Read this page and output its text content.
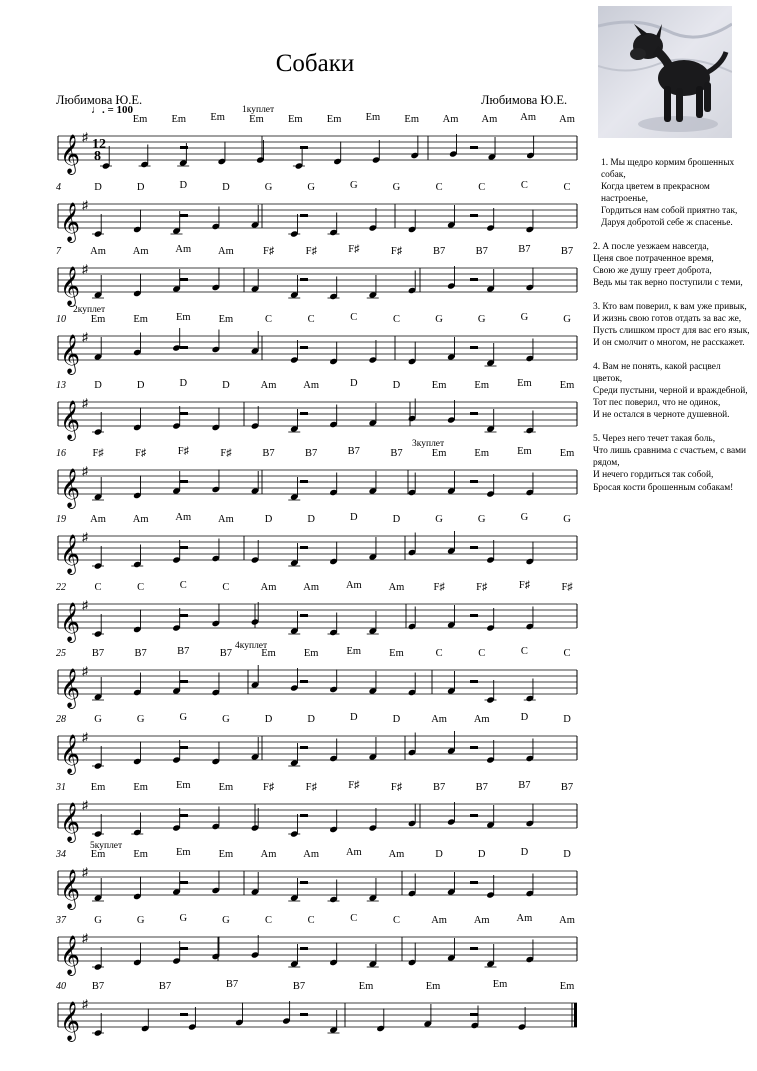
Собаки
Любимова Ю.Е.	Любимова Ю.Е.
♩. = 100
𝄞 ♯ 12
8
Em Em Em Em Em Em Em Em Am Am Am Am
1куплет
𝄞 ♯
4	D	D	D	D	G	G	G	G	C	C	C	C
𝄞 ♯
7	Am	Am	Am	Am	F♯	F♯	F♯	F♯	B7	B7	B7	B7
𝄞 ♯
10 Em	Em	Em	Em	C	C	C	C	G	G	G	G
2куплет
𝄞 ♯
13	D	D	D	D	Am	Am	D	D	Em	Em	Em	Em
3куплет
𝄞 ♯
16	F♯	F♯	F♯	F♯	B7	B7	B7	B7	Em	Em	Em	Em
𝄞 ♯
19 Am	Am	Am	Am	D	D	D	D	G	G	G	G
𝄞 ♯
22	C	C	C	C	Am	Am	Am	Am	F♯	F♯	F♯	F♯
4куплет
𝄞 ♯
25 B7	B7	B7	B7	Em	Em	Em	Em	C	C	C	C
𝄞 ♯
28	G	G	G	G	D	D	D	D	Am	Am	D	D
𝄞 ♯
31 Em	Em	Em	Em	F♯	F♯	F♯	F♯	B7	B7	B7	B7
5куплет
𝄞 ♯
34 Em	Em	Em	Em	Am	Am	Am	Am	D	D	D	D
𝄞 ♯
37	G	G	G	G	C	C	C	C	Am	Am	Am	Am
𝄞 ♯
40 B7	B7	B7	B7	Em	Em	Em	Em

1. Мы щедро кормим брошенных собак,

Когда цветем в прекрасном настроенье,

Гордиться нам собой приятно так,

Даруя добротой себе ж спасенье.

2. А после уезжаем навсегда,

Ценя свое потраченное время,

Свою же душу греет доброта,

Ведь мы так верно поступили с теми,

3. Кто вам поверил, к вам уже привык,

И жизнь свою готов отдать за вас же,

Пусть слишком прост для вас его язык,

И он смолчит о многом, не расскажет.

4. Вам не понять, какой расцвел цветок,

Среди пустыни, черной и враждебной,

Тот пес поверил, что не одинок,

И не остался в черноте душевной.

5. Через него течет такая боль,

Что лишь сравнима с счастьем, с вами рядом,

И нечего гордиться так собой,

Бросая кости брошенным собакам!
